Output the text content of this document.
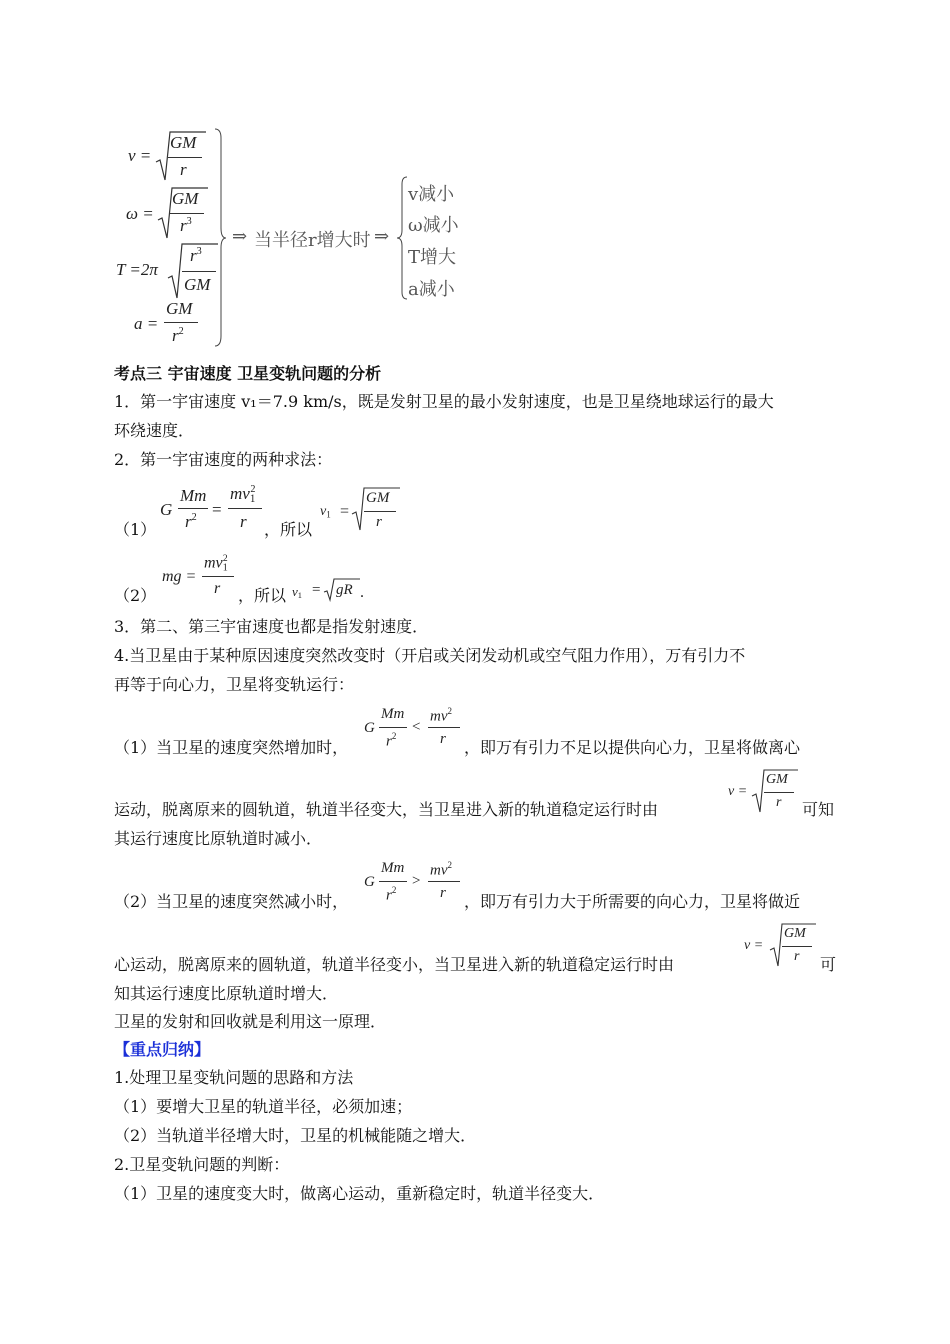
v =
GM
r
ω =
GM
$r^3$
T =2π
$r^3$
GM
a =
GM
$r^2$
⇒ 当半径r增大时 ⇒
v减小
ω减小
T增大
a减小
考点三 宇宙速度 卫星变轨问题的分析
1．第一宇宙速度 v₁＝7.9 km/s，既是发射卫星的最小发射速度，也是卫星绕地球运行的最大
环绕速度．
2．第一宇宙速度的两种求法：
（1）
G
Mm
$r^2$ =
$mv_1^2$
r ，所以
$v_1$ =
GM
r
（2）
mg =
$mv_1^2$
r ，所以 $v_1$ = gR .
3．第二、第三宇宙速度也都是指发射速度．
4.当卫星由于某种原因速度突然改变时（开启或关闭发动机或空气阻力作用），万有引力不
再等于向心力，卫星将变轨运行：
（1）当卫星的速度突然增加时，
G
Mm
$r^2$
<
$mv^2$
r ，即万有引力不足以提供向心力，卫星将做离心
运动，脱离原来的圆轨道，轨道半径变大，当卫星进入新的轨道稳定运行时由
v =
GM
r 可知
其运行速度比原轨道时减小．
（2）当卫星的速度突然减小时，
G
Mm
$r^2$
>
$mv^2$
r ，即万有引力大于所需要的向心力，卫星将做近
心运动，脱离原来的圆轨道，轨道半径变小，当卫星进入新的轨道稳定运行时由
v =
GM
r 可
知其运行速度比原轨道时增大．
卫星的发射和回收就是利用这一原理．
【重点归纳】
1.处理卫星变轨问题的思路和方法
（1）要增大卫星的轨道半径，必须加速；
（2）当轨道半径增大时，卫星的机械能随之增大．
2.卫星变轨问题的判断：
（1）卫星的速度变大时，做离心运动，重新稳定时，轨道半径变大．
